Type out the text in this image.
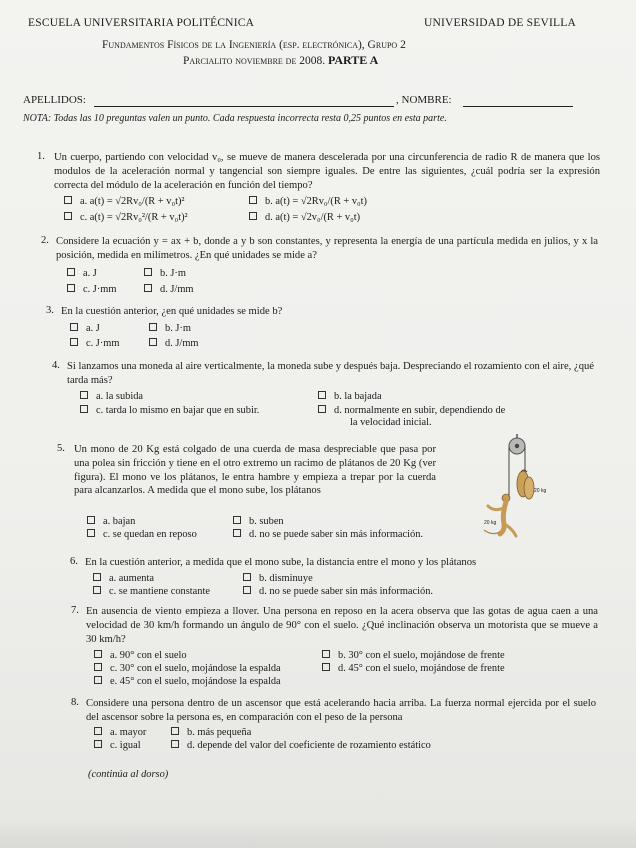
ESCUELA UNIVERSITARIA POLITÉCNICA	UNIVERSIDAD DE SEVILLA
Fundamentos Físicos de la Ingeniería (esp. electrónica), Grupo 2
Parcialito noviembre de 2008. PARTE A
APELLIDOS:	, NOMBRE:
NOTA: Todas las 10 preguntas valen un punto. Cada respuesta incorrecta resta 0,25 puntos en esta parte.
1. Un cuerpo, partiendo con velocidad v₀, se mueve de manera descelerada por una circunferencia de radio R de manera que los modulos de la aceleración normal y tangencial son siempre iguales. De entre las siguientes, ¿cuál podría ser la expresión correcta del módulo de la aceleración en función del tiempo?
a. a(t) = √2Rv₀/(R + v₀t)²	b. a(t) = √2Rv₀/(R + v₀t)
c. a(t) = √2Rv₀²/(R + v₀t)²	d. a(t) = √2v₀/(R + v₀t)
2. Considere la ecuación y = ax + b, donde a y b son constantes, y representa la energía de una partícula medida en julios, y x la posición, medida en milímetros. ¿En qué unidades se mide a?
a. J	b. J·m
c. J·mm	d. J/mm
3. En la cuestión anterior, ¿en qué unidades se mide b?
a. J	b. J·m
c. J·mm	d. J/mm
4. Si lanzamos una moneda al aire verticalmente, la moneda sube y después baja. Despreciando el rozamiento con el aire, ¿qué tarda más?
a. la subida	b. la bajada
c. tarda lo mismo en bajar que en subir.	d. normalmente en subir, dependiendo de
la velocidad inicial.
5. Un mono de 20 Kg está colgado de una cuerda de masa despreciable que pasa por una polea sin fricción y tiene en el otro extremo un racimo de plátanos de 20 Kg (ver figura). El mono ve los plátanos, le entra hambre y empieza a trepar por la cuerda para alcanzarlos. A medida que el mono sube, los plátanos
a. bajan	b. suben
c. se quedan en reposo	d. no se puede saber sin más información.
20 kg
20 kg
6. En la cuestión anterior, a medida que el mono sube, la distancia entre el mono y los plátanos
a. aumenta	b. disminuye
c. se mantiene constante	d. no se puede saber sin más información.
7. En ausencia de viento empieza a llover. Una persona en reposo en la acera observa que las gotas de agua caen a una velocidad de 30 km/h formando un ángulo de 90° con el suelo. ¿Qué inclinación observa un motorista que se mueve a 30 km/h?
a. 90° con el suelo	b. 30° con el suelo, mojándose de frente
c. 30° con el suelo, mojándose la espalda	d. 45° con el suelo, mojándose de frente
e. 45° con el suelo, mojándose la espalda
8. Considere una persona dentro de un ascensor que está acelerando hacia arriba. La fuerza normal ejercida por el suelo del ascensor sobre la persona es, en comparación con el peso de la persona
a. mayor	b. más pequeña
c. igual	d. depende del valor del coeficiente de rozamiento estático
(continúa al dorso)
